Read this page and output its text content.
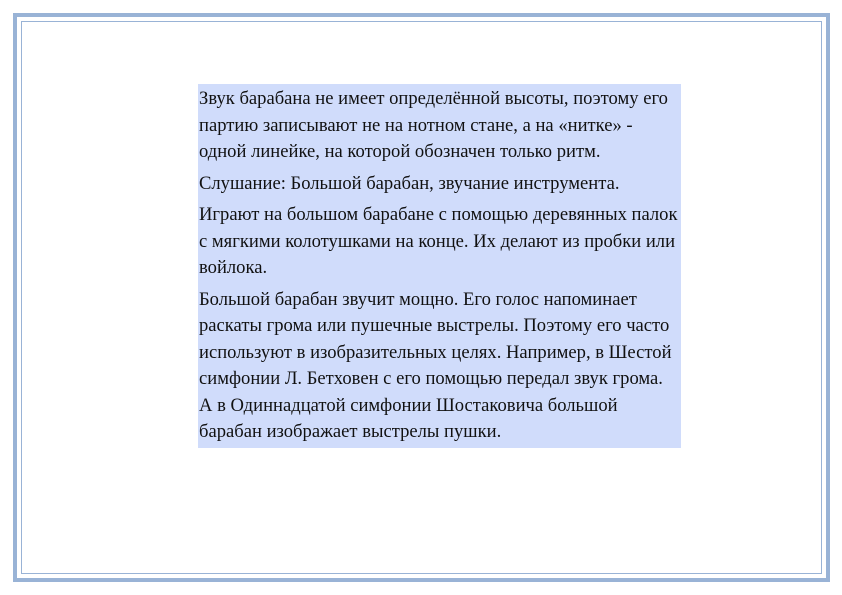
Звук барабана не имеет определённой высоты, поэтому его партию записывают не на нотном стане, а на «нитке» - одной линейке, на которой обозначен только ритм.

Слушание: Большой барабан, звучание инструмента.

Играют на большом барабане с помощью деревянных палок с мягкими колотушками на конце. Их делают из пробки или войлока.

Большой барабан звучит мощно. Его голос напоминает раскаты грома или пушечные выстрелы. Поэтому его часто используют в изобразительных целях. Например, в Шестой симфонии Л. Бетховен с его помощью передал звук грома. А в Одиннадцатой симфонии Шостаковича большой барабан изображает выстрелы пушки.
